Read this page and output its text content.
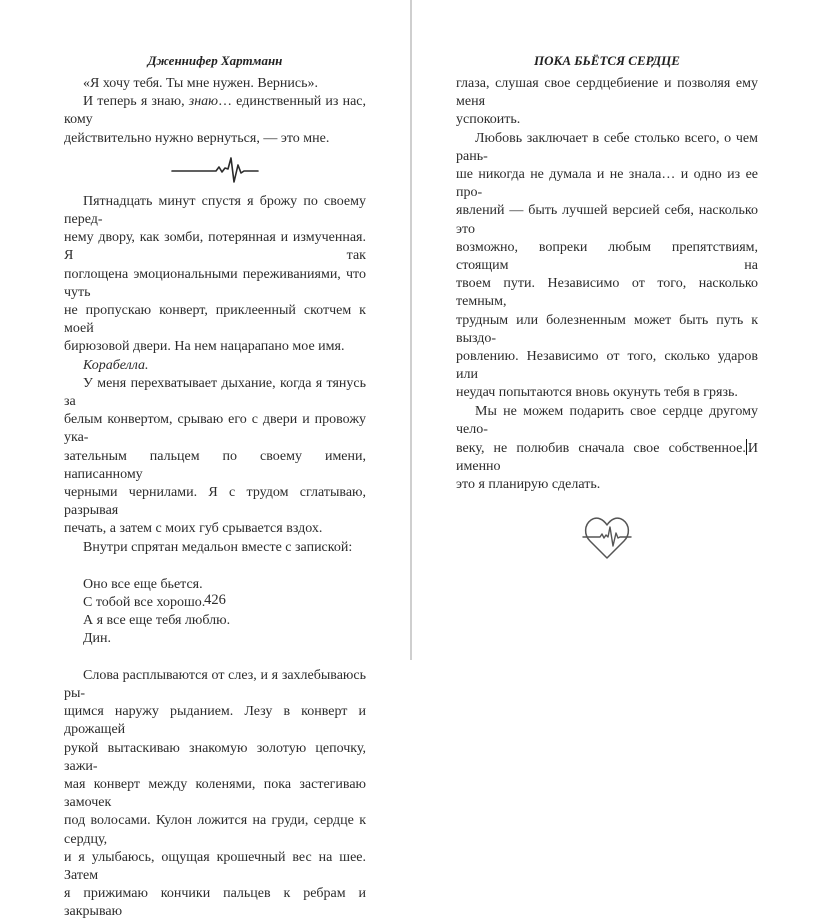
Дженнифер Хартманн
«Я хочу тебя. Ты мне нужен. Вернись».
И теперь я знаю, знаю… единственный из нас, кому
действительно нужно вернуться, — это мне.
Пятнадцать минут спустя я брожу по своему перед-
нему двору, как зомби, потерянная и измученная. Я так
поглощена эмоциональными переживаниями, что чуть
не пропускаю конверт, приклеенный скотчем к моей
бирюзовой двери. На нем нацарапано мое имя.
Корабелла.
У меня перехватывает дыхание, когда я тянусь за
белым конвертом, срываю его с двери и провожу ука-
зательным пальцем по своему имени, написанному
черными чернилами. Я с трудом сглатываю, разрывая
печать, а затем с моих губ срывается вздох.
Внутри спрятан медальон вместе с запиской:
Оно все еще бьется.
С тобой все хорошо.
А я все еще тебя люблю.
Дин.
Слова расплываются от слез, и я захлебываюсь ры-
щимся наружу рыданием. Лезу в конверт и дрожащей
рукой вытаскиваю знакомую золотую цепочку, зажи-
мая конверт между коленями, пока застегиваю замочек
под волосами. Кулон ложится на груди, сердце к сердцу,
и я улыбаюсь, ощущая крошечный вес на шее. Затем
я прижимаю кончики пальцев к ребрам и закрываю
426
ПОКА БЬЁТСЯ СЕРДЦЕ
глаза, слушая свое сердцебиение и позволяя ему меня
успокоить.
Любовь заключает в себе столько всего, о чем рань-
ше никогда не думала и не знала… и одно из ее про-
явлений — быть лучшей версией себя, насколько это
возможно, вопреки любым препятствиям, стоящим на
твоем пути. Независимо от того, насколько темным,
трудным или болезненным может быть путь к выздо-
ровлению. Независимо от того, сколько ударов или
неудач попытаются вновь окунуть тебя в грязь.
Мы не можем подарить свое сердце другому чело-
веку, не полюбив сначала свое собственное. И именно
это я планирую сделать.
